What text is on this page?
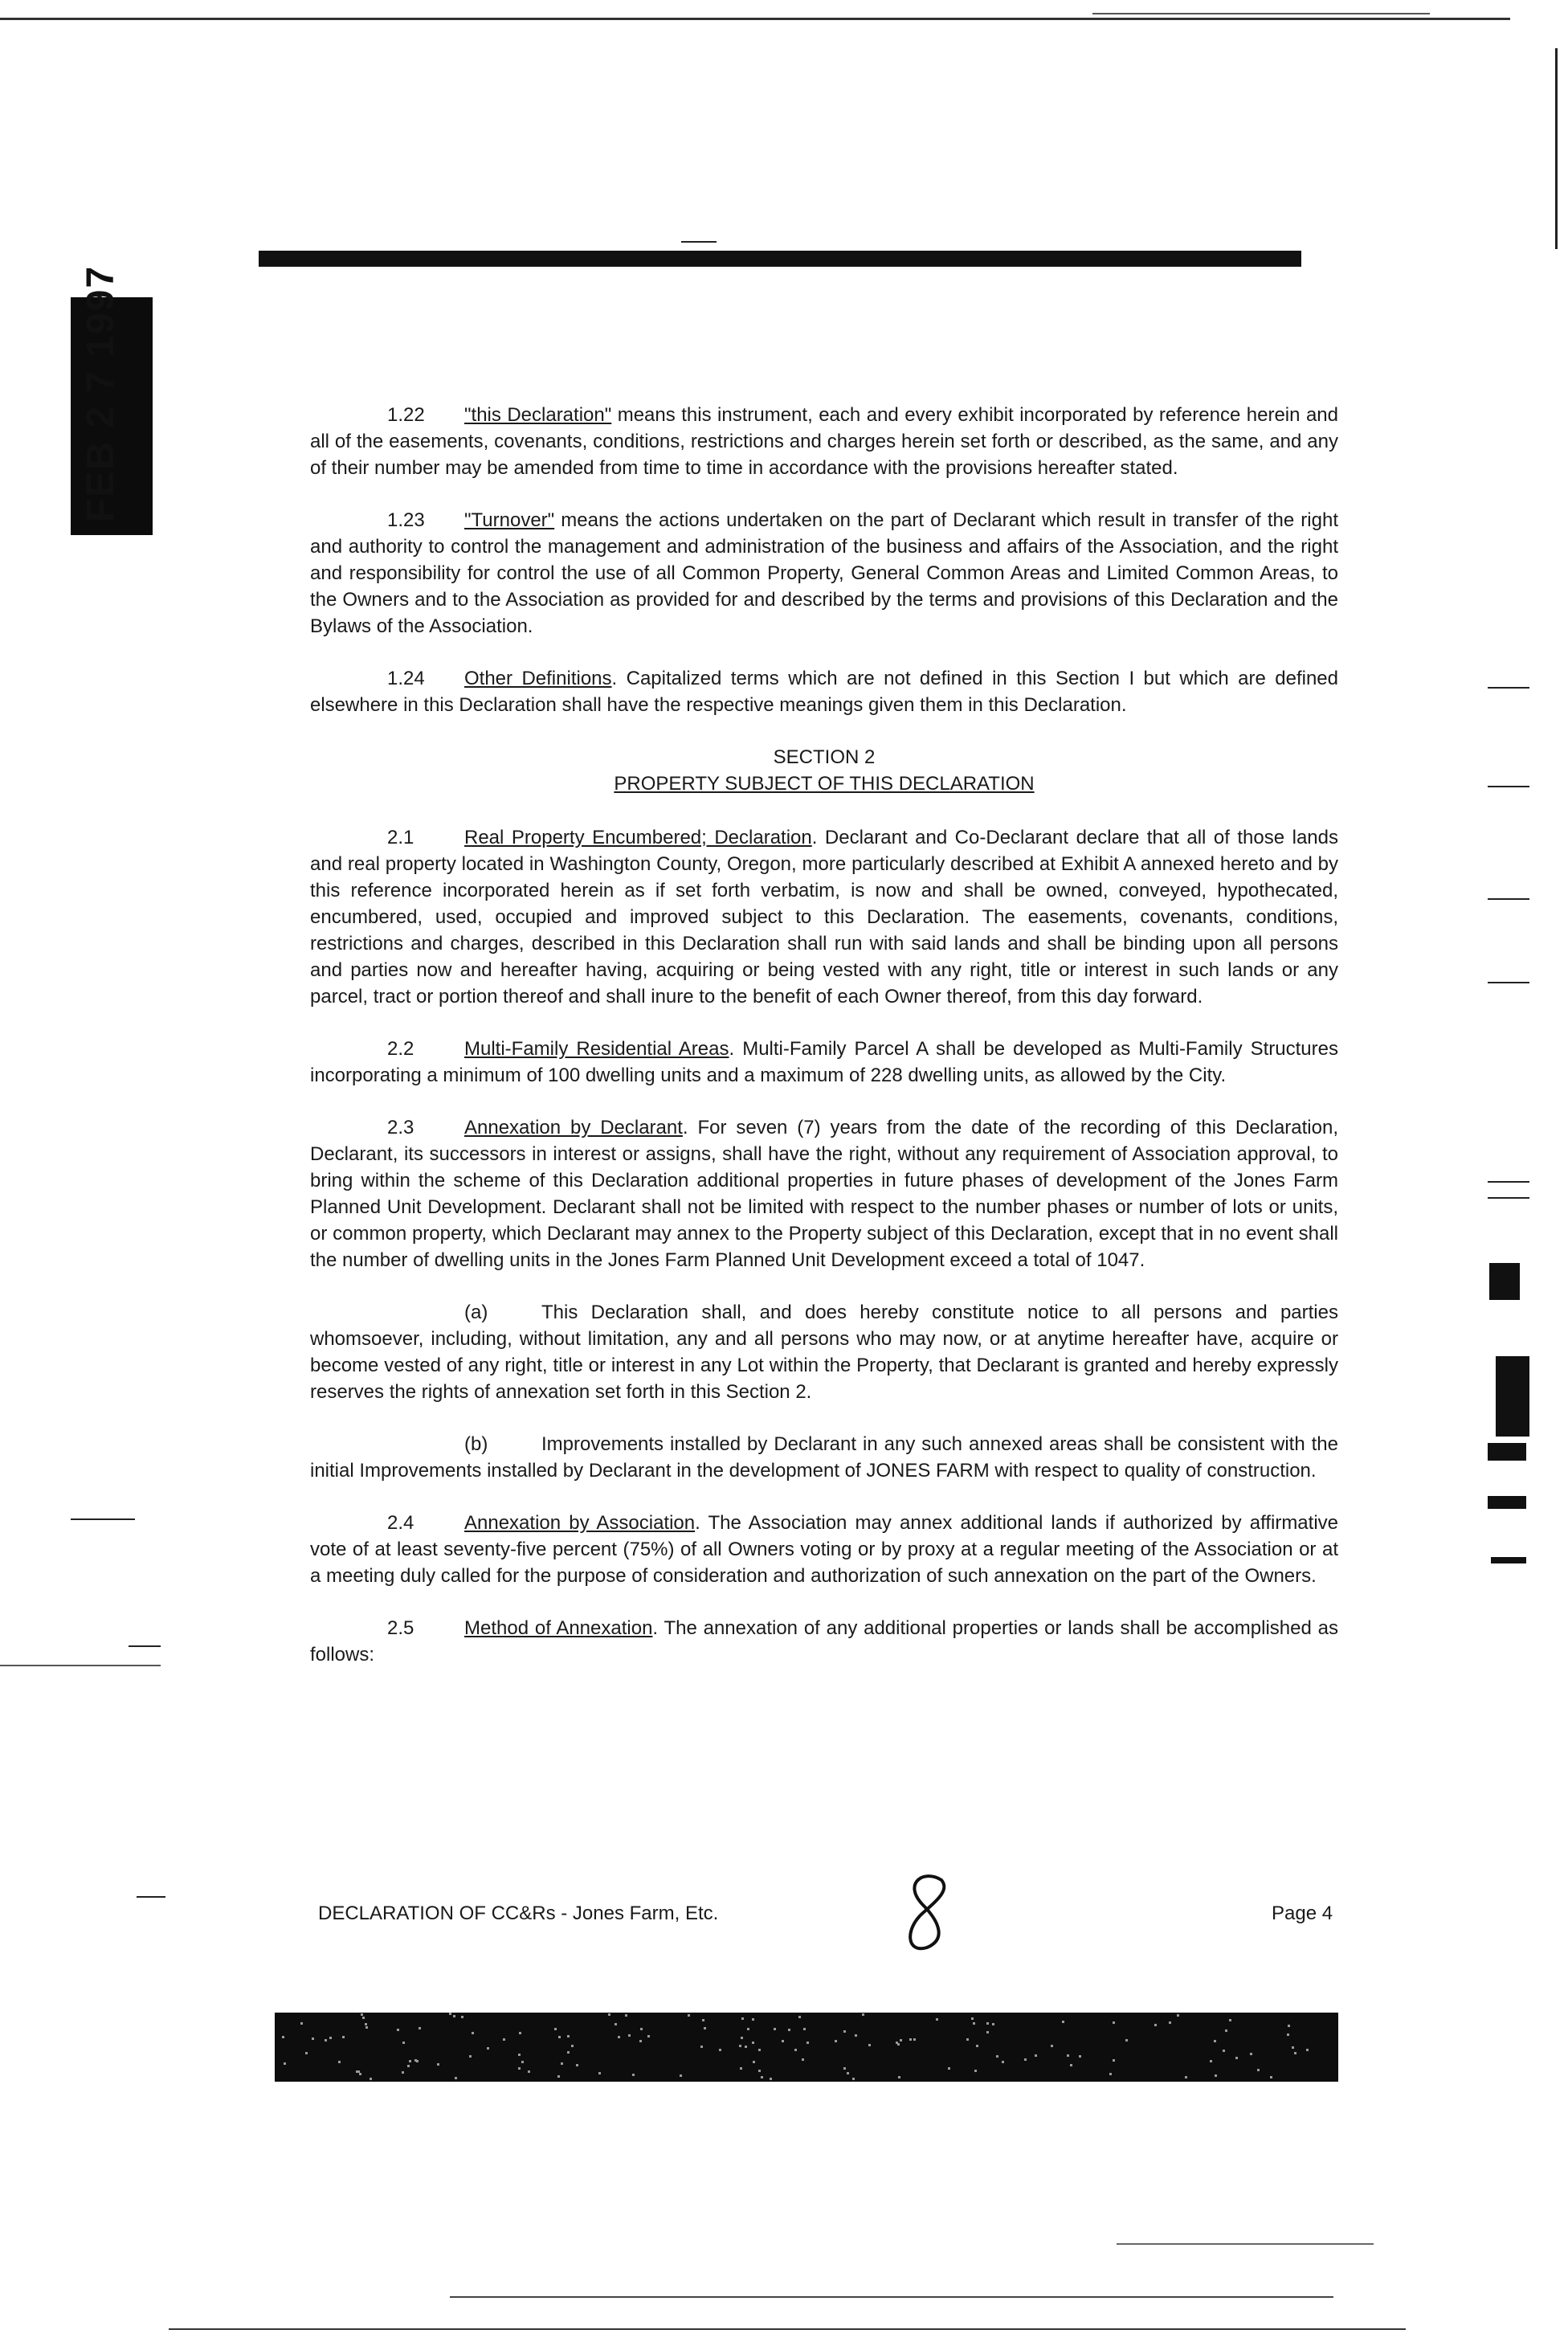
FEB 2 7 1997	1.22 "this Declaration" means this instrument, each and every exhibit incorporated by reference herein and all of the easements, covenants, conditions, restrictions and charges herein set forth or described, as the same, and any of their number may be amended from time to time in accordance with the provisions hereafter stated.

1.23 "Turnover" means the actions undertaken on the part of Declarant which result in transfer of the right and authority to control the management and administration of the business and affairs of the Association, and the right and responsibility for control the use of all Common Property, General Common Areas and Limited Common Areas, to the Owners and to the Association as provided for and described by the terms and provisions of this Declaration and the Bylaws of the Association.

1.24 Other Definitions. Capitalized terms which are not defined in this Section I but which are defined elsewhere in this Declaration shall have the respective meanings given them in this Declaration.

SECTION 2
PROPERTY SUBJECT OF THIS DECLARATION

2.1	Real Property Encumbered; Declaration. Declarant and Co-Declarant declare that all of those lands and real property located in Washington County, Oregon, more particularly described at Exhibit A annexed hereto and by this reference incorporated herein as if set forth verbatim, is now and shall be owned, conveyed, hypothecated, encumbered, used, occupied and improved subject to this Declaration. The easements, covenants, conditions, restrictions and charges, described in this Declaration shall run with said lands and shall be binding upon all persons and parties now and hereafter having, acquiring or being vested with any right, title or interest in such lands or any parcel, tract or portion thereof and shall inure to the benefit of each Owner thereof, from this day forward.

2.2	Multi-Family Residential Areas. Multi-Family Parcel A shall be developed as Multi-Family Structures incorporating a minimum of 100 dwelling units and a maximum of 228 dwelling units, as allowed by the City.

2.3	Annexation by Declarant. For seven (7) years from the date of the recording of this Declaration, Declarant, its successors in interest or assigns, shall have the right, without any requirement of Association approval, to bring within the scheme of this Declaration additional properties in future phases of development of the Jones Farm Planned Unit Development. Declarant shall not be limited with respect to the number phases or number of lots or units, or common property, which Declarant may annex to the Property subject of this Declaration, except that in no event shall the number of dwelling units in the Jones Farm Planned Unit Development exceed a total of 1047.

(a)	This Declaration shall, and does hereby constitute notice to all persons and parties whomsoever, including, without limitation, any and all persons who may now, or at anytime hereafter have, acquire or become vested of any right, title or interest in any Lot within the Property, that Declarant is granted and hereby expressly reserves the rights of annexation set forth in this Section 2.

(b)	Improvements installed by Declarant in any such annexed areas shall be consistent with the initial Improvements installed by Declarant in the development of JONES FARM with respect to quality of construction.

2.4	Annexation by Association. The Association may annex additional lands if authorized by affirmative vote of at least seventy-five percent (75%) of all Owners voting or by proxy at a regular meeting of the Association or at a meeting duly called for the purpose of consideration and authorization of such annexation on the part of the Owners.

2.5	Method of Annexation. The annexation of any additional properties or lands shall be accomplished as follows:

DECLARATION OF CC&Rs - Jones Farm, Etc.	Page 4
